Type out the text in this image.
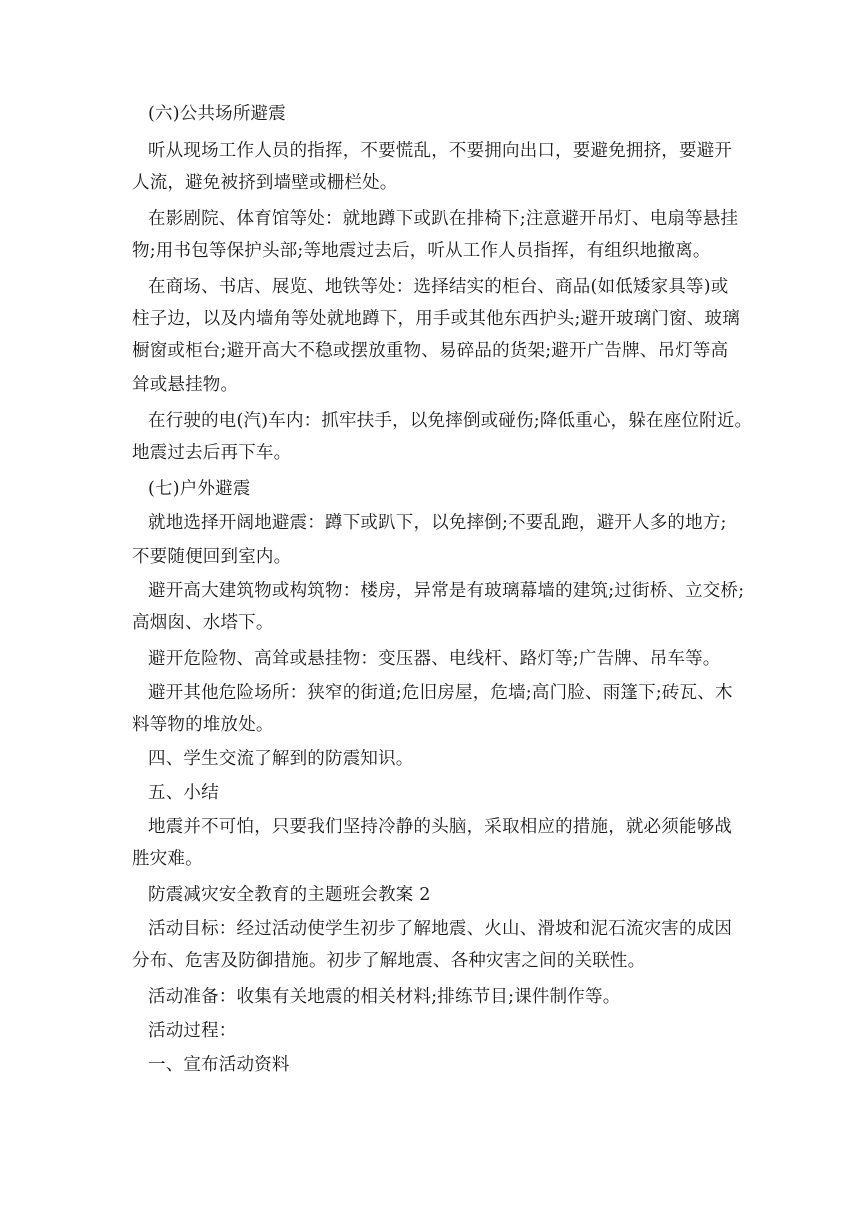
(六)公共场所避震
听从现场工作人员的指挥，不要慌乱，不要拥向出口，要避免拥挤，要避开
人流，避免被挤到墙壁或栅栏处。
在影剧院、体育馆等处：就地蹲下或趴在排椅下;注意避开吊灯、电扇等悬挂
物;用书包等保护头部;等地震过去后，听从工作人员指挥，有组织地撤离。
在商场、书店、展览、地铁等处：选择结实的柜台、商品(如低矮家具等)或
柱子边，以及内墙角等处就地蹲下，用手或其他东西护头;避开玻璃门窗、玻璃
橱窗或柜台;避开高大不稳或摆放重物、易碎品的货架;避开广告牌、吊灯等高
耸或悬挂物。
在行驶的电(汽)车内：抓牢扶手，以免摔倒或碰伤;降低重心，躲在座位附近。
地震过去后再下车。
(七)户外避震
就地选择开阔地避震：蹲下或趴下，以免摔倒;不要乱跑，避开人多的地方;
不要随便回到室内。
避开高大建筑物或构筑物：楼房，异常是有玻璃幕墙的建筑;过街桥、立交桥;
高烟囱、水塔下。
避开危险物、高耸或悬挂物：变压器、电线杆、路灯等;广告牌、吊车等。
避开其他危险场所：狭窄的街道;危旧房屋，危墙;高门脸、雨篷下;砖瓦、木
料等物的堆放处。
四、学生交流了解到的防震知识。
五、小结
地震并不可怕，只要我们坚持冷静的头脑，采取相应的措施，就必须能够战
胜灾难。
防震减灾安全教育的主题班会教案 2
活动目标：经过活动使学生初步了解地震、火山、滑坡和泥石流灾害的成因
分布、危害及防御措施。初步了解地震、各种灾害之间的关联性。
活动准备：收集有关地震的相关材料;排练节目;课件制作等。
活动过程：
一、宣布活动资料
